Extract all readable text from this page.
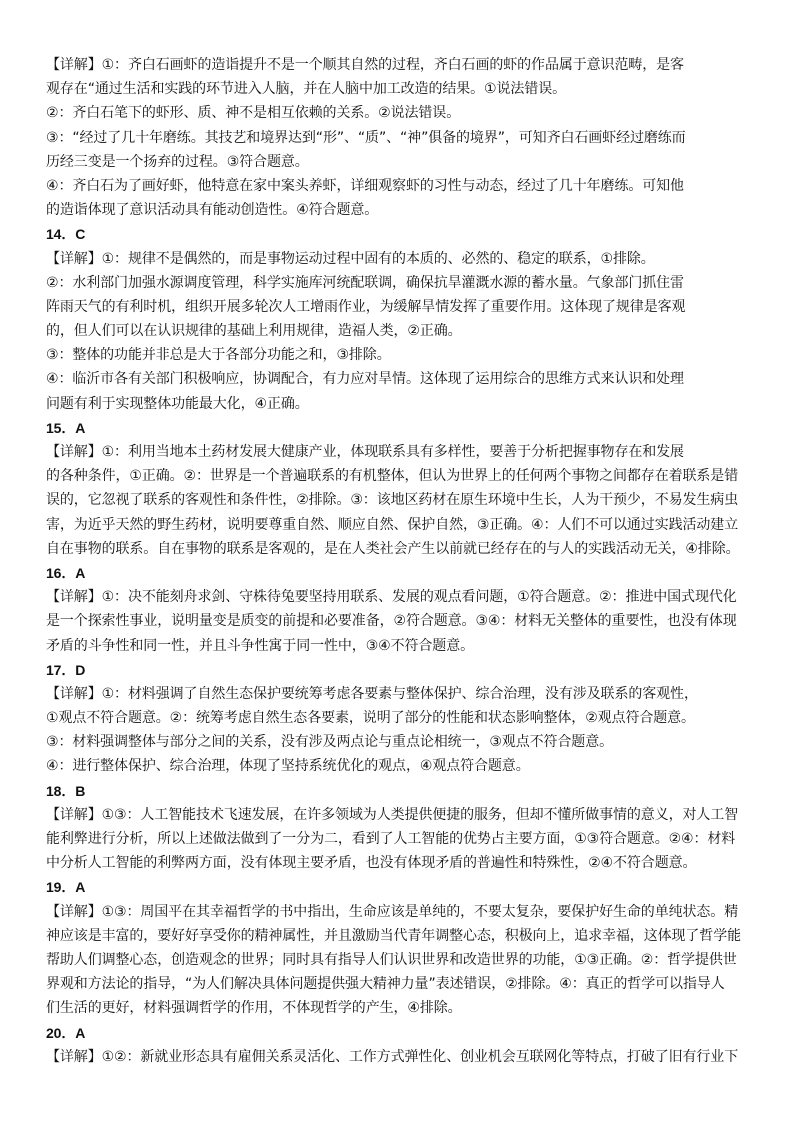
【详解】①：齐白石画虾的造诣提升不是一个顺其自然的过程，齐白石画的虾的作品属于意识范畴，是客
观存在“通过生活和实践的环节进入人脑，并在人脑中加工改造的结果。①说法错误。
②：齐白石笔下的虾形、质、神不是相互依赖的关系。②说法错误。
③：“经过了几十年磨练。其技艺和境界达到“形”、“质”、“神”俱备的境界”，可知齐白石画虾经过磨练而
历经三变是一个扬弃的过程。③符合题意。
④：齐白石为了画好虾，他特意在家中案头养虾，详细观察虾的习性与动态，经过了几十年磨练。可知他
的造诣体现了意识活动具有能动创造性。④符合题意。
14．C
【详解】①：规律不是偶然的，而是事物运动过程中固有的本质的、必然的、稳定的联系，①排除。
②：水利部门加强水源调度管理，科学实施库河统配联调，确保抗旱灌溉水源的蓄水量。气象部门抓住雷
阵雨天气的有利时机，组织开展多轮次人工增雨作业，为缓解旱情发挥了重要作用。这体现了规律是客观
的，但人们可以在认识规律的基础上利用规律，造福人类，②正确。
③：整体的功能并非总是大于各部分功能之和，③排除。
④：临沂市各有关部门积极响应，协调配合，有力应对旱情。这体现了运用综合的思维方式来认识和处理
问题有利于实现整体功能最大化，④正确。
15．A
【详解】①：利用当地本土药材发展大健康产业，体现联系具有多样性，要善于分析把握事物存在和发展
的各种条件，①正确。②：世界是一个普遍联系的有机整体，但认为世界上的任何两个事物之间都存在着联系是错
误的，它忽视了联系的客观性和条件性，②排除。③：该地区药材在原生环境中生长，人为干预少，不易发生病虫
害，为近乎天然的野生药材，说明要尊重自然、顺应自然、保护自然，③正确。④：人们不可以通过实践活动建立
自在事物的联系。自在事物的联系是客观的，是在人类社会产生以前就已经存在的与人的实践活动无关，④排除。
16．A
【详解】①：决不能刻舟求剑、守株待兔要坚持用联系、发展的观点看问题，①符合题意。②：推进中国式现代化
是一个探索性事业，说明量变是质变的前提和必要准备，②符合题意。③④：材料无关整体的重要性，也没有体现
矛盾的斗争性和同一性，并且斗争性寓于同一性中，③④不符合题意。
17．D
【详解】①：材料强调了自然生态保护要统筹考虑各要素与整体保护、综合治理，没有涉及联系的客观性，
①观点不符合题意。②：统筹考虑自然生态各要素，说明了部分的性能和状态影响整体，②观点符合题意。
③：材料强调整体与部分之间的关系，没有涉及两点论与重点论相统一，③观点不符合题意。
④：进行整体保护、综合治理，体现了坚持系统优化的观点，④观点符合题意。
18．B
【详解】①③：人工智能技术飞速发展，在许多领域为人类提供便捷的服务，但却不懂所做事情的意义，对人工智
能利弊进行分析，所以上述做法做到了一分为二，看到了人工智能的优势占主要方面，①③符合题意。②④：材料
中分析人工智能的利弊两方面，没有体现主要矛盾，也没有体现矛盾的普遍性和特殊性，②④不符合题意。
19．A
【详解】①③：周国平在其幸福哲学的书中指出，生命应该是单纯的，不要太复杂，要保护好生命的单纯状态。精
神应该是丰富的，要好好享受你的精神属性，并且激励当代青年调整心态，积极向上，追求幸福，这体现了哲学能
帮助人们调整心态，创造观念的世界；同时具有指导人们认识世界和改造世界的功能，①③正确。②：哲学提供世
界观和方法论的指导，“为人们解决具体问题提供强大精神力量”表述错误，②排除。④：真正的哲学可以指导人
们生活的更好，材料强调哲学的作用，不体现哲学的产生，④排除。
20．A
【详解】①②：新就业形态具有雇佣关系灵活化、工作方式弹性化、创业机会互联网化等特点，打破了旧有行业下
